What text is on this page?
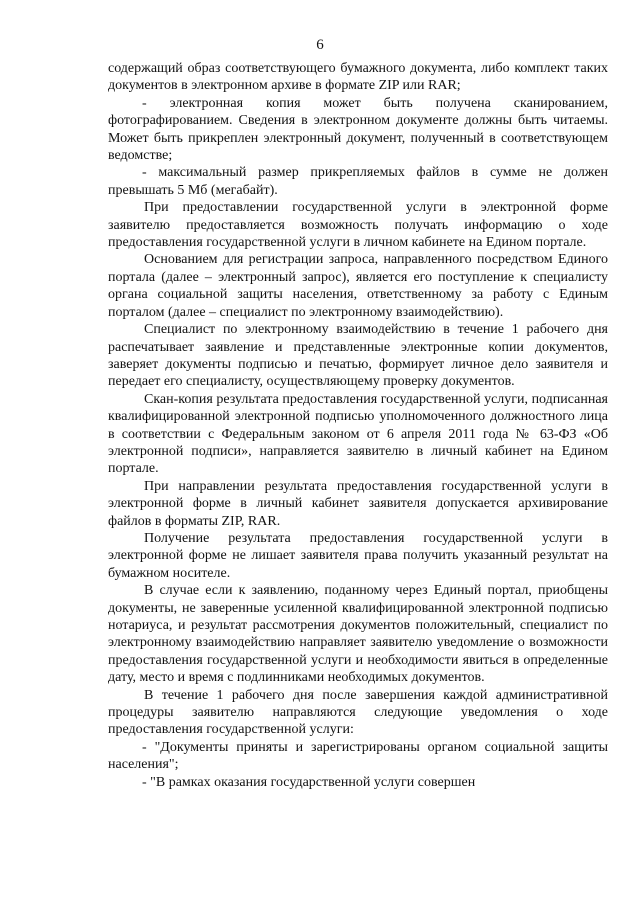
6

содержащий образ соответствующего бумажного документа, либо комплект таких документов в электронном архиве в формате ZIP или RAR;

- электронная копия может быть получена сканированием, фотографированием. Сведения в электронном документе должны быть читаемы. Может быть прикреплен электронный документ, полученный в соответствующем ведомстве;

- максимальный размер прикрепляемых файлов в сумме не должен превышать 5 Мб (мегабайт).

При предоставлении государственной услуги в электронной форме заявителю предоставляется возможность получать информацию о ходе предоставления государственной услуги в личном кабинете на Едином портале.

Основанием для регистрации запроса, направленного посредством Единого портала (далее – электронный запрос), является его поступление к специалисту органа социальной защиты населения, ответственному за работу с Единым порталом (далее – специалист по электронному взаимодействию).

Специалист по электронному взаимодействию в течение 1 рабочего дня распечатывает заявление и представленные электронные копии документов, заверяет документы подписью и печатью, формирует личное дело заявителя и передает его специалисту, осуществляющему проверку документов.

Скан-копия результата предоставления государственной услуги, подписанная квалифицированной электронной подписью уполномоченного должностного лица в соответствии с Федеральным законом от 6 апреля 2011 года № 63-ФЗ «Об электронной подписи», направляется заявителю в личный кабинет на Едином портале.

При направлении результата предоставления государственной услуги в электронной форме в личный кабинет заявителя допускается архивирование файлов в форматы ZIP, RAR.

Получение результата предоставления государственной услуги в электронной форме не лишает заявителя права получить указанный результат на бумажном носителе.

В случае если к заявлению, поданному через Единый портал, приобщены документы, не заверенные усиленной квалифицированной электронной подписью нотариуса, и результат рассмотрения документов положительный, специалист по электронному взаимодействию направляет заявителю уведомление о возможности предоставления государственной услуги и необходимости явиться в определенные дату, место и время с подлинниками необходимых документов.

В течение 1 рабочего дня после завершения каждой административной процедуры заявителю направляются следующие уведомления о ходе предоставления государственной услуги:

- "Документы приняты и зарегистрированы органом социальной защиты населения";

- "В рамках оказания государственной услуги совершен
